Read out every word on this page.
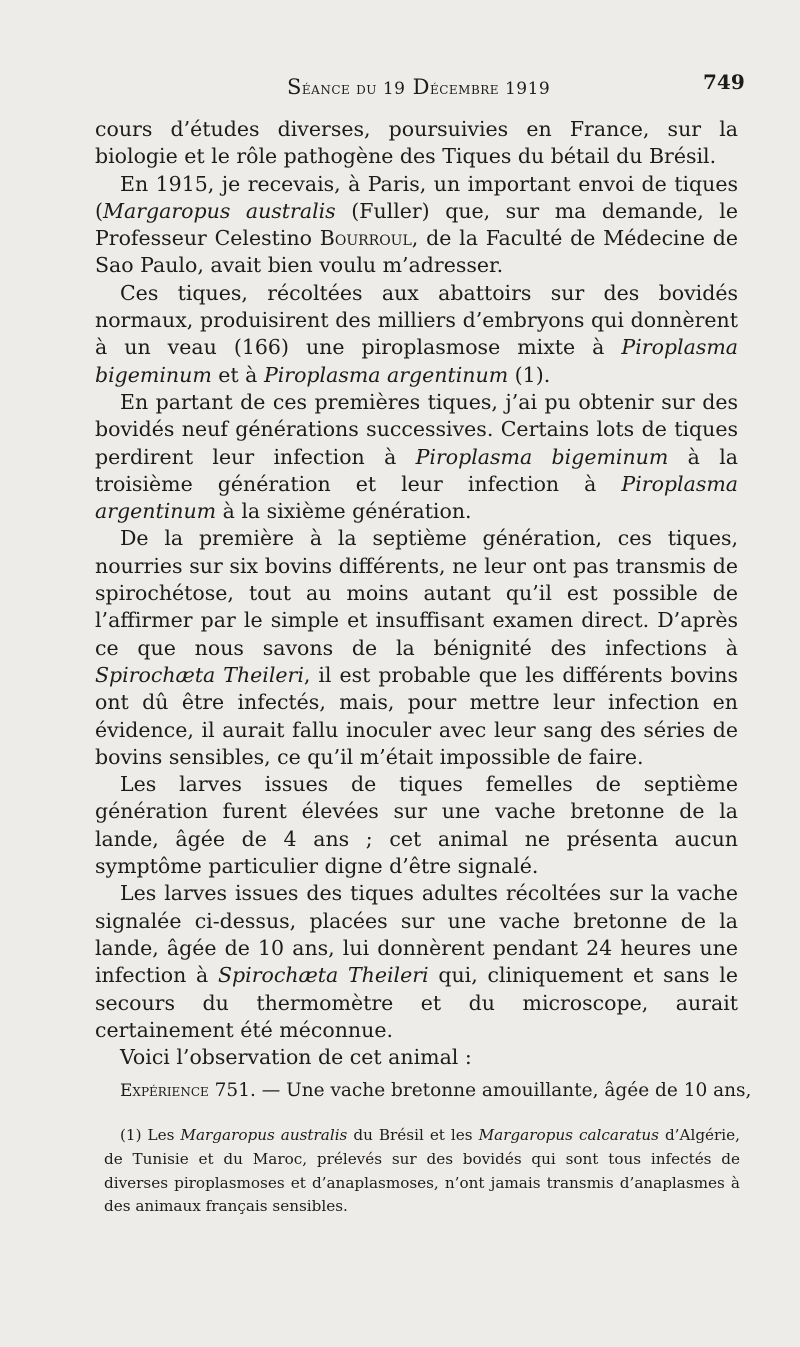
Séance du 19 Décembre 1919	749

cours d’études diverses, poursuivies en France, sur la biologie et le rôle pathogène des Tiques du bétail du Brésil.

En 1915, je recevais, à Paris, un important envoi de tiques (Margaropus australis (Fuller) que, sur ma demande, le Professeur Celestino Bourroul, de la Faculté de Médecine de Sao Paulo, avait bien voulu m’adresser.

Ces tiques, récoltées aux abattoirs sur des bovidés normaux, produisirent des milliers d’embryons qui donnèrent à un veau (166) une piroplasmose mixte à Piroplasma bigeminum et à Piroplasma argentinum (1).

En partant de ces premières tiques, j’ai pu obtenir sur des bovidés neuf générations successives. Certains lots de tiques perdirent leur infection à Piroplasma bigeminum à la troisième génération et leur infection à Piroplasma argentinum à la sixième génération.

De la première à la septième génération, ces tiques, nourries sur six bovins différents, ne leur ont pas transmis de spirochétose, tout au moins autant qu’il est possible de l’affirmer par le simple et insuffisant examen direct. D’après ce que nous savons de la bénignité des infections à Spirochæta Theileri, il est probable que les différents bovins ont dû être infectés, mais, pour mettre leur infection en évidence, il aurait fallu inoculer avec leur sang des séries de bovins sensibles, ce qu’il m’était impossible de faire.

Les larves issues de tiques femelles de septième génération furent élevées sur une vache bretonne de la lande, âgée de 4 ans ; cet animal ne présenta aucun symptôme particulier digne d’être signalé.

Les larves issues des tiques adultes récoltées sur la vache signalée ci-dessus, placées sur une vache bretonne de la lande, âgée de 10 ans, lui donnèrent pendant 24 heures une infection à Spirochæta Theileri qui, cliniquement et sans le secours du thermomètre et du microscope, aurait certainement été méconnue.

Voici l’observation de cet animal :

Expérience 751. — Une vache bretonne amouillante, âgée de 10 ans,
(1) Les Margaropus australis du Brésil et les Margaropus calcaratus d’Algérie, de Tunisie et du Maroc, prélevés sur des bovidés qui sont tous infectés de diverses piroplasmoses et d’anaplasmoses, n’ont jamais transmis d’anaplasmes à des animaux français sensibles.
